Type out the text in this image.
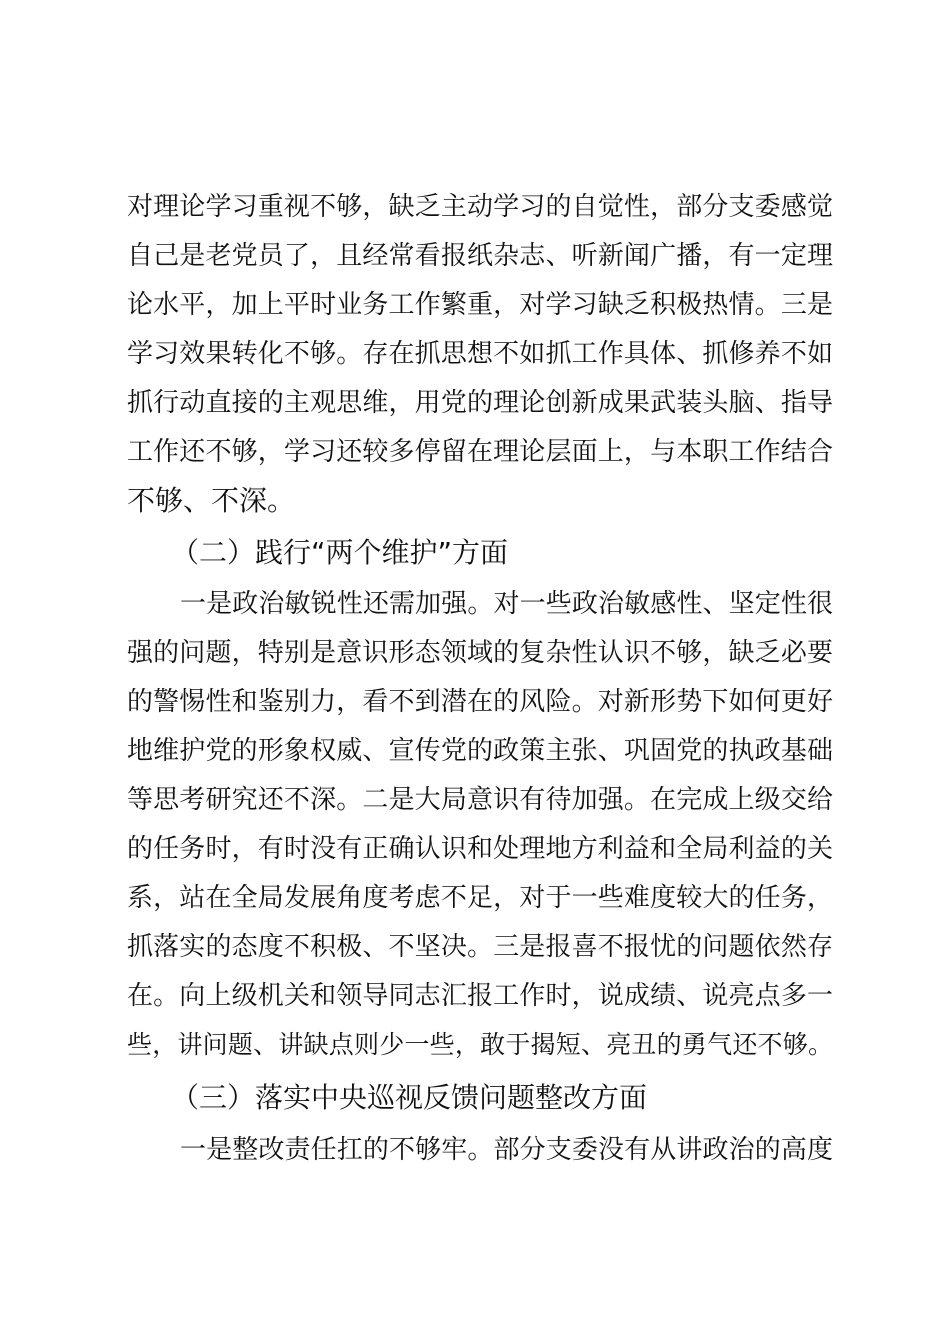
对理论学习重视不够，缺乏主动学习的自觉性，部分支委感觉
自己是老党员了，且经常看报纸杂志、听新闻广播，有一定理
论水平，加上平时业务工作繁重，对学习缺乏积极热情。三是
学习效果转化不够。存在抓思想不如抓工作具体、抓修养不如
抓行动直接的主观思维，用党的理论创新成果武装头脑、指导
工作还不够，学习还较多停留在理论层面上，与本职工作结合
不够、不深。
（二）践行“两个维护”方面
一是政治敏锐性还需加强。对一些政治敏感性、坚定性很
强的问题，特别是意识形态领域的复杂性认识不够，缺乏必要
的警惕性和鉴别力，看不到潜在的风险。对新形势下如何更好
地维护党的形象权威、宣传党的政策主张、巩固党的执政基础
等思考研究还不深。二是大局意识有待加强。在完成上级交给
的任务时，有时没有正确认识和处理地方利益和全局利益的关
系，站在全局发展角度考虑不足，对于一些难度较大的任务，
抓落实的态度不积极、不坚决。三是报喜不报忧的问题依然存
在。向上级机关和领导同志汇报工作时，说成绩、说亮点多一
些，讲问题、讲缺点则少一些，敢于揭短、亮丑的勇气还不够。
（三）落实中央巡视反馈问题整改方面
一是整改责任扛的不够牢。部分支委没有从讲政治的高度
